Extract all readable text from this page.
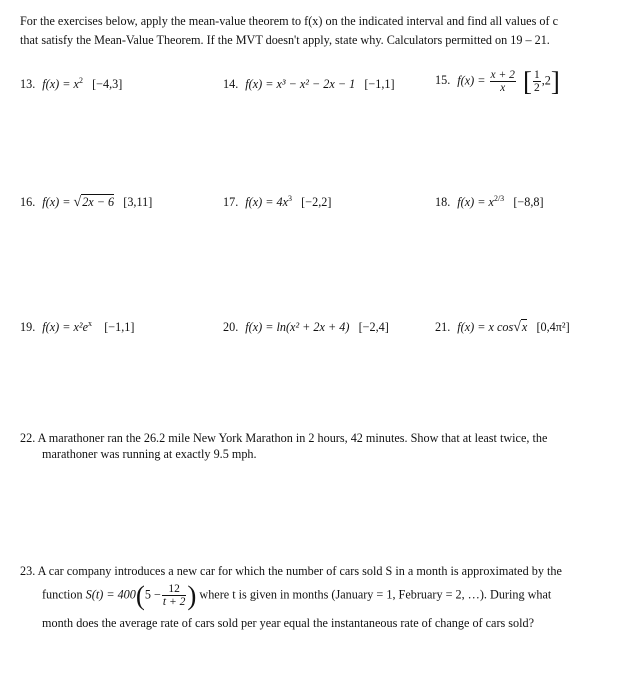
For the exercises below, apply the mean-value theorem to f(x) on the indicated interval and find all values of c

that satisfy the Mean-Value Theorem. If the MVT doesn't apply, state why. Calculators permitted on 19 – 21.

13. $f(x) = x^2$ [−4,3]	14. f(x) = x³ − x² − 2x − 1 [−1,1]	15. $f(x) = \frac{x + 2}{x}$ [ $\frac{1}{2} ,2$]
16. f(x) = √2x − 6 [3,11]	17. $f(x) = 4x^3$ [−2,2]	18. $f(x) = x^{2/3}$ [−8,8]
19. $f(x) = x^2e^x$ [−1,1]	20. f(x) = ln(x² + 2x + 4) [−2,4]	21. f(x) = x cos√x [0,4π²]

22. A marathoner ran the 26.2 mile New York Marathon in 2 hours, 42 minutes. Show that at least twice, the

marathoner was running at exactly 9.5 mph.

23. A car company introduces a new car for which the number of cars sold S in a month is approximated by the

function $S(t) = 400(5 - \frac{12}{t + 2}$ ) where t is given in months (January = 1, February = 2, …). During what

month does the average rate of cars sold per year equal the instantaneous rate of change of cars sold?
